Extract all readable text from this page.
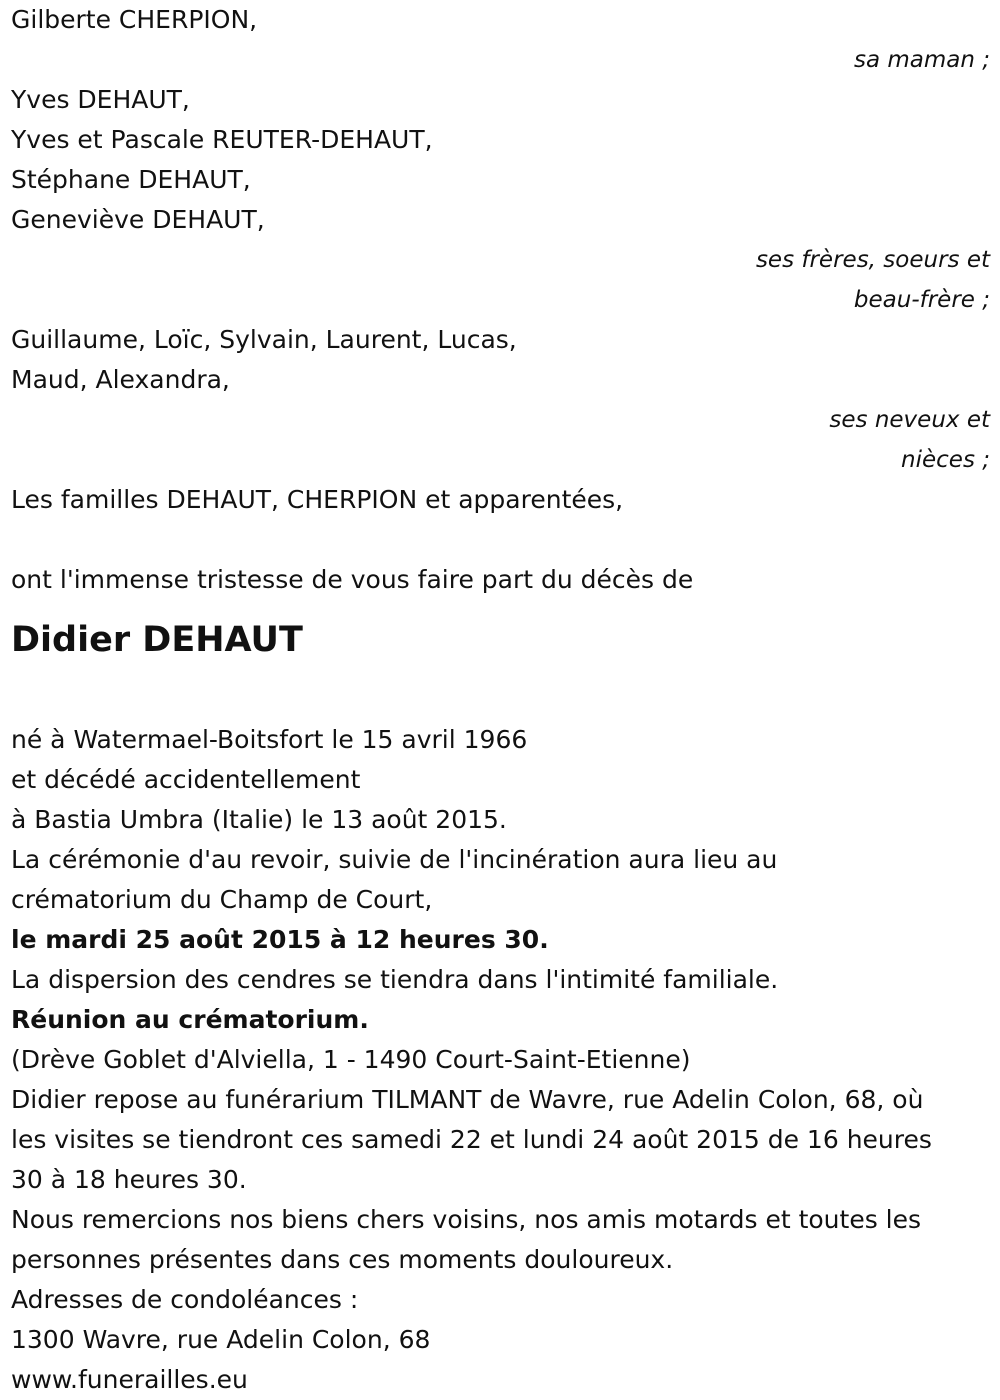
Gilberte CHERPION,
sa maman ;
Yves DEHAUT,
Yves et Pascale REUTER-DEHAUT,
Stéphane DEHAUT,
Geneviève DEHAUT,
ses frères, soeurs et
beau-frère ;
Guillaume, Loïc, Sylvain, Laurent, Lucas,
Maud, Alexandra,
ses neveux et
nièces ;
Les familles DEHAUT, CHERPION et apparentées,
ont l'immense tristesse de vous faire part du décès de
Didier DEHAUT
né à Watermael-Boitsfort le 15 avril 1966
et décédé accidentellement
à Bastia Umbra (Italie) le 13 août 2015.
La cérémonie d'au revoir, suivie de l'incinération aura lieu au
crématorium du Champ de Court,
le mardi 25 août 2015 à 12 heures 30.
La dispersion des cendres se tiendra dans l'intimité familiale.
Réunion au crématorium.
(Drève Goblet d'Alviella, 1 - 1490 Court-Saint-Etienne)
Didier repose au funérarium TILMANT de Wavre, rue Adelin Colon, 68, où
les visites se tiendront ces samedi 22 et lundi 24 août 2015 de 16 heures
30 à 18 heures 30.
Nous remercions nos biens chers voisins, nos amis motards et toutes les
personnes présentes dans ces moments douloureux.
Adresses de condoléances :
1300 Wavre, rue Adelin Colon, 68
www.funerailles.eu
